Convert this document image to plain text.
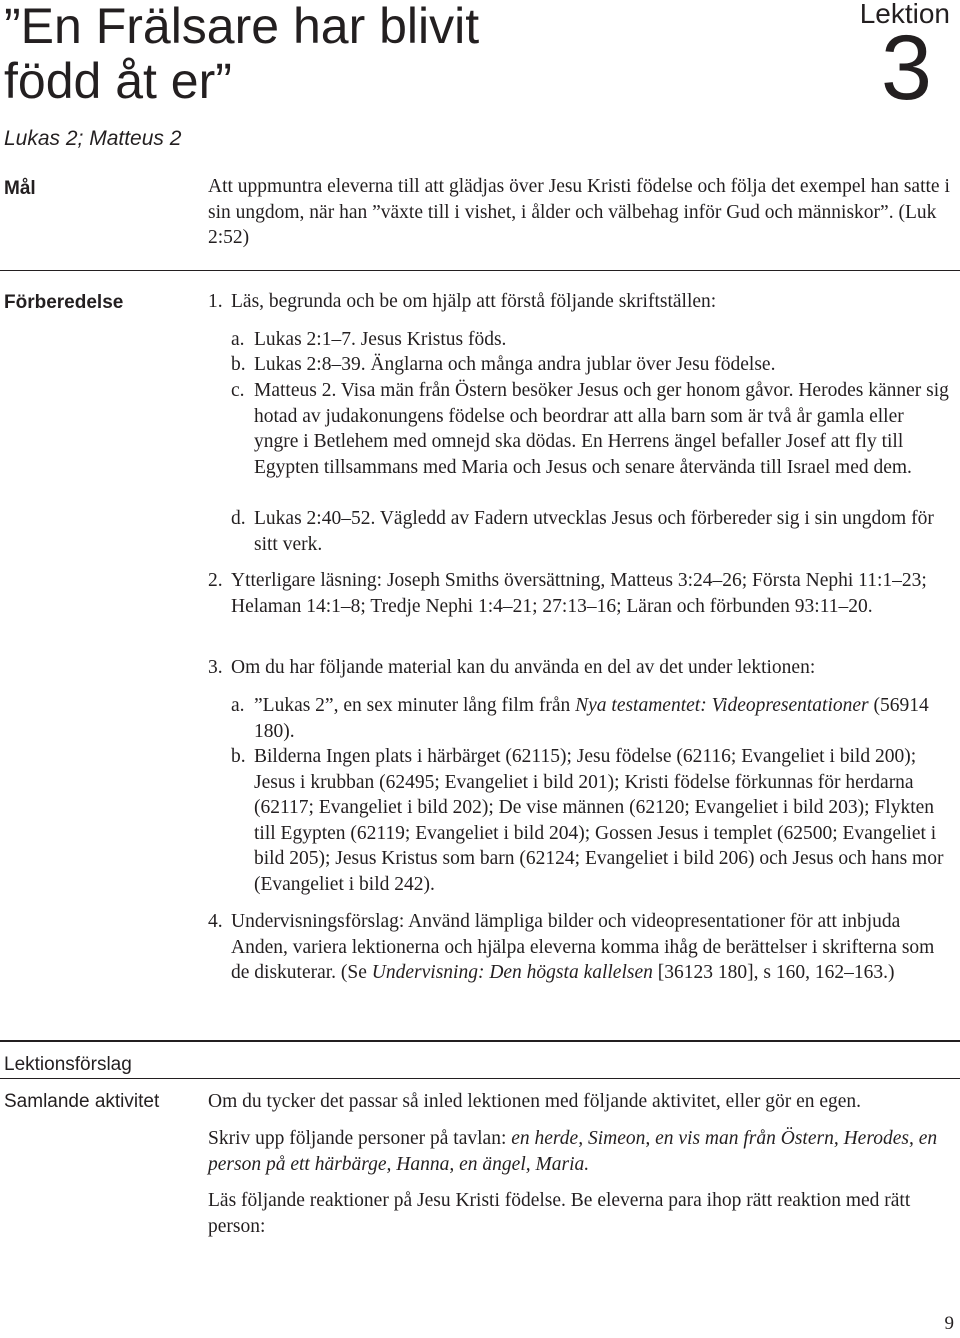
”En Frälsare har blivit
född åt er”
Lektion
3
Lukas 2; Matteus 2
Mål	Att uppmuntra eleverna till att glädjas över Jesu Kristi födelse och följa det exempel han satte i sin ungdom, när han ”växte till i vishet, i ålder och välbehag inför Gud och människor”. (Luk 2:52)
Förberedelse	1. Läs, begrunda och be om hjälp att förstå följande skriftställen:
a. Lukas 2:1–7. Jesus Kristus föds.
b. Lukas 2:8–39. Änglarna och många andra jublar över Jesu födelse.
c. Matteus 2. Visa män från Östern besöker Jesus och ger honom gåvor. Herodes känner sig hotad av judakonungens födelse och beordrar att alla barn som är två år gamla eller yngre i Betlehem med omnejd ska dödas. En Herrens ängel befaller Josef att fly till Egypten tillsammans med Maria och Jesus och senare återvända till Israel med dem.
d. Lukas 2:40–52. Vägledd av Fadern utvecklas Jesus och förbereder sig i sin ungdom för sitt verk.
2. Ytterligare läsning: Joseph Smiths översättning, Matteus 3:24–26; Första Nephi 11:1–23; Helaman 14:1–8; Tredje Nephi 1:4–21; 27:13–16; Läran och förbunden 93:11–20.
3. Om du har följande material kan du använda en del av det under lektionen:
a. ”Lukas 2”, en sex minuter lång film från Nya testamentet: Videopresentationer (56914 180).
b. Bilderna Ingen plats i härbärget (62115); Jesu födelse (62116; Evangeliet i bild 200); Jesus i krubban (62495; Evangeliet i bild 201); Kristi födelse förkunnas för herdarna (62117; Evangeliet i bild 202); De vise männen (62120; Evangeliet i bild 203); Flykten till Egypten (62119; Evangeliet i bild 204); Gossen Jesus i templet (62500; Evangeliet i bild 205); Jesus Kristus som barn (62124; Evangeliet i bild 206) och Jesus och hans mor (Evangeliet i bild 242).
4. Undervisningsförslag: Använd lämpliga bilder och videopresentationer för att inbjuda Anden, variera lektionerna och hjälpa eleverna komma ihåg de berättelser i skrifterna som de diskuterar. (Se Undervisning: Den högsta kallelsen [36123 180], s 160, 162–163.)
Lektionsförslag
Samlande aktivitet	Om du tycker det passar så inled lektionen med följande aktivitet, eller gör en egen.
Skriv upp följande personer på tavlan: en herde, Simeon, en vis man från Östern, Herodes, en person på ett härbärge, Hanna, en ängel, Maria.
Läs följande reaktioner på Jesu Kristi födelse. Be eleverna para ihop rätt reaktion med rätt person:
9
